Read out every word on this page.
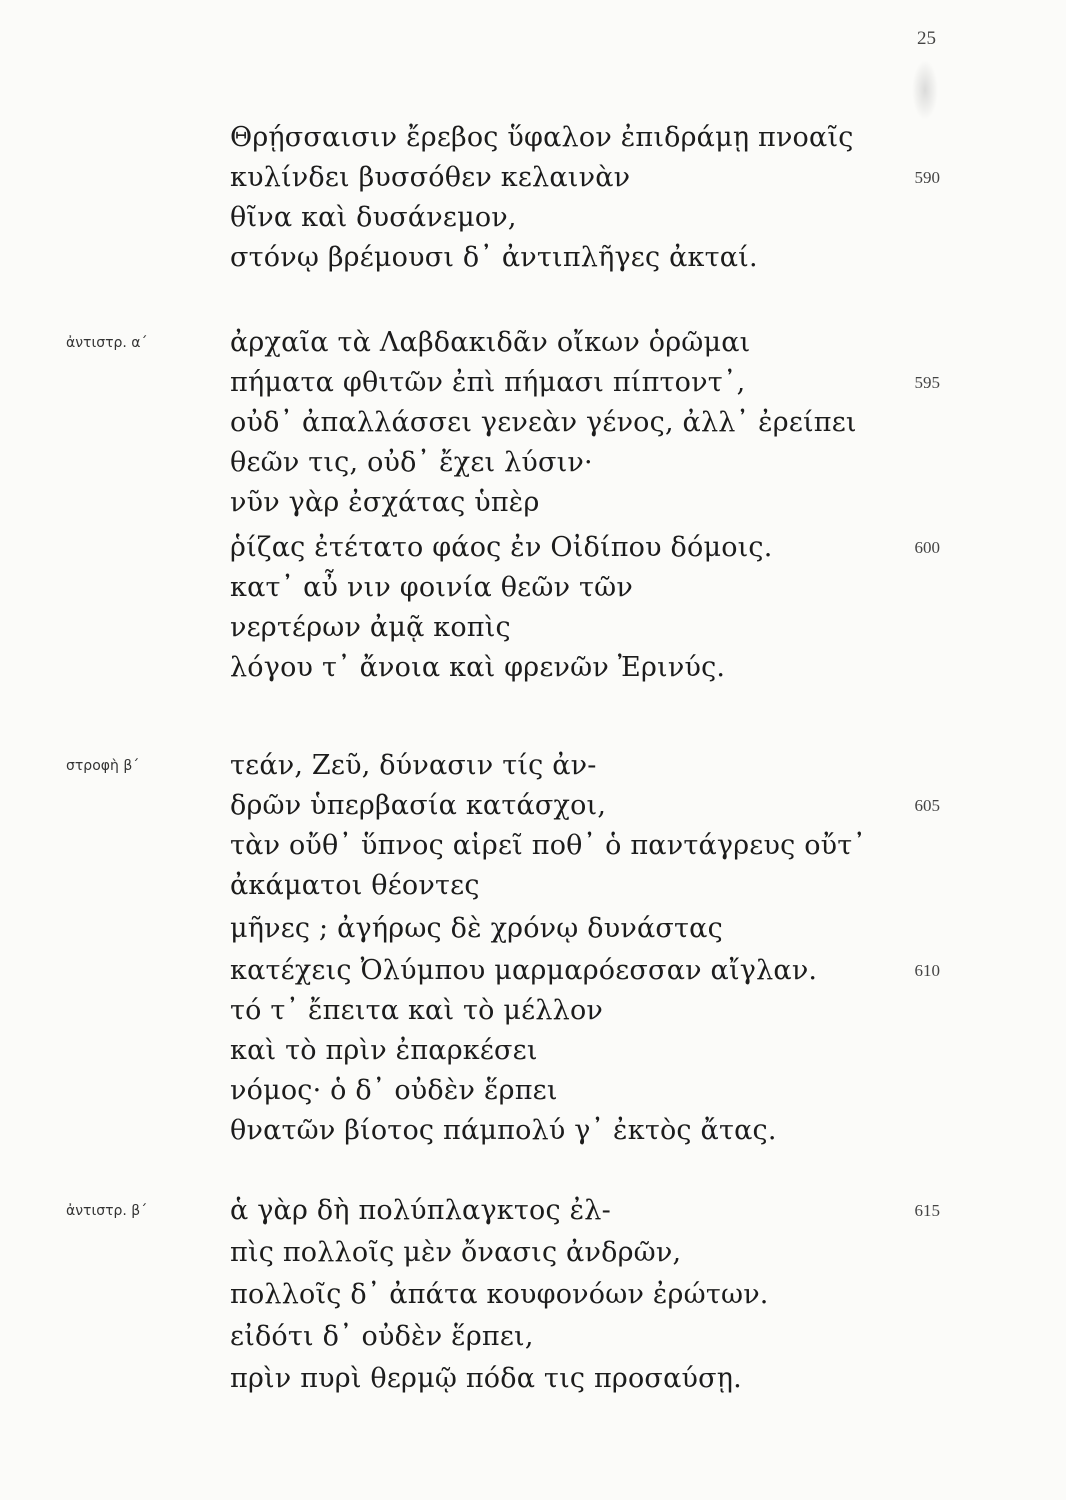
25
Θρῄσσαισιν ἔρεβος ὕφαλον ἐπιδράμῃ πνοαῖς
κυλίνδει βυσσόθεν κελαινὰν	590
θῖνα καὶ δυσάνεμον,
στόνῳ βρέμουσι δ᾽ ἀντιπλῆγες ἀκταί.
ἀντιστρ. α΄	ἀρχαῖα τὰ Λαβδακιδᾶν οἴκων ὁρῶμαι
πήματα φθιτῶν ἐπὶ πήμασι πίπτοντ᾽,	595
οὐδ᾽ ἀπαλλάσσει γενεὰν γένος, ἀλλ᾽ ἐρείπει
θεῶν τις, οὐδ᾽ ἔχει λύσιν·
νῦν γὰρ ἐσχάτας ὑπὲρ
ῥίζας ἐτέτατο φάος ἐν Οἰδίπου δόμοις.	600
κατ᾽ αὖ νιν φοινία θεῶν τῶν
νερτέρων ἀμᾷ κοπὶς
λόγου τ᾽ ἄνοια καὶ φρενῶν Ἐρινύς.
στροφὴ β΄	τεάν, Ζεῦ, δύνασιν τίς ἀν-
δρῶν ὑπερβασία κατάσχοι,	605
τὰν οὔθ᾽ ὕπνος αἱρεῖ ποθ᾽ ὁ παντάγρευς οὔτ᾽
ἀκάματοι θέοντες
μῆνες ; ἀγήρως δὲ χρόνῳ δυνάστας
κατέχεις Ὀλύμπου μαρμαρόεσσαν αἴγλαν.	610
τό τ᾽ ἔπειτα καὶ τὸ μέλλον
καὶ τὸ πρὶν ἐπαρκέσει
νόμος· ὁ δ᾽ οὐδὲν ἕρπει
θνατῶν βίοτος πάμπολύ γ᾽ ἐκτὸς ἄτας.
ἀντιστρ. β΄	ἁ γὰρ δὴ πολύπλαγκτος ἐλ-	615
πὶς πολλοῖς μὲν ὄνασις ἀνδρῶν,
πολλοῖς δ᾽ ἀπάτα κουφονόων ἐρώτων.
εἰδότι δ᾽ οὐδὲν ἕρπει,
πρὶν πυρὶ θερμῷ πόδα τις προσαύσῃ.
